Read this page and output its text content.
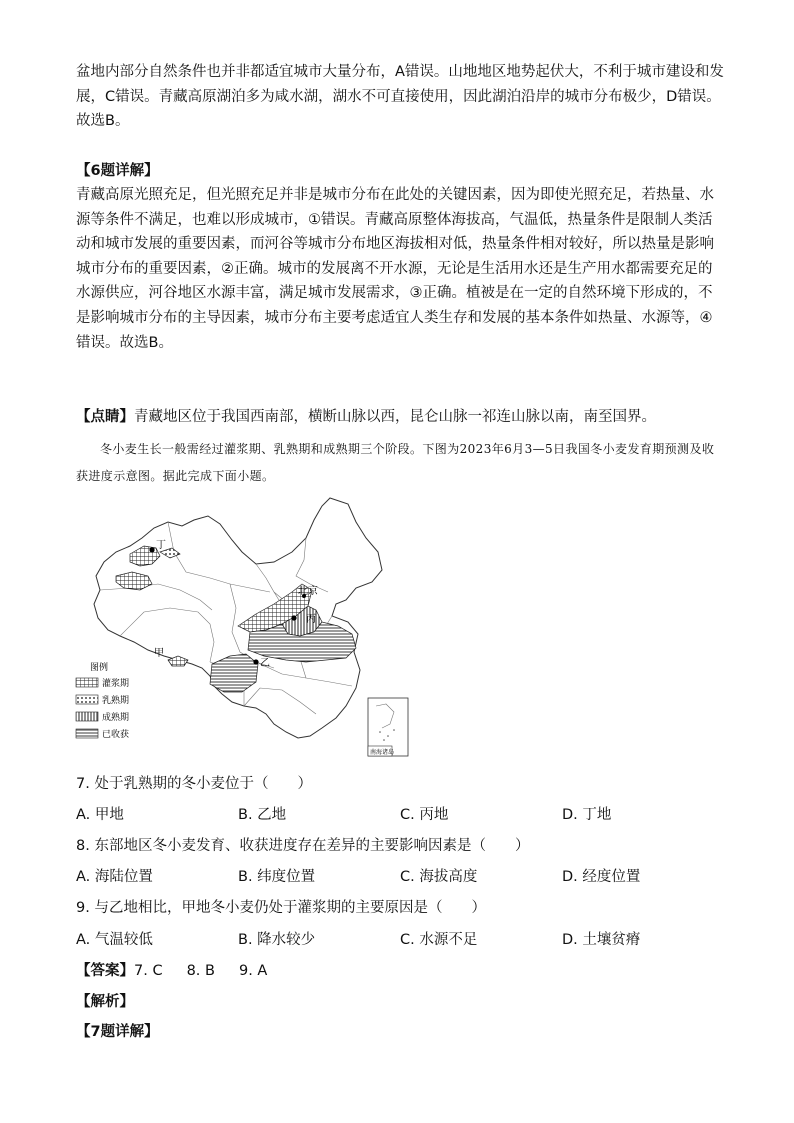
盆地内部分自然条件也并非都适宜城市大量分布，A错误。山地地区地势起伏大，不利于城市建设和发展，C错误。青藏高原湖泊多为咸水湖，湖水不可直接使用，因此湖泊沿岸的城市分布极少，D错误。故选B。
【6题详解】
青藏高原光照充足，但光照充足并非是城市分布在此处的关键因素，因为即使光照充足，若热量、水源等条件不满足，也难以形成城市，①错误。青藏高原整体海拔高，气温低，热量条件是限制人类活动和城市发展的重要因素，而河谷等城市分布地区海拔相对低，热量条件相对较好，所以热量是影响城市分布的重要因素，②正确。城市的发展离不开水源，无论是生活用水还是生产用水都需要充足的水源供应，河谷地区水源丰富，满足城市发展需求，③正确。植被是在一定的自然环境下形成的，不是影响城市分布的主导因素，城市分布主要考虑适宜人类生存和发展的基本条件如热量、水源等，④错误。故选B。
【点睛】青藏地区位于我国西南部，横断山脉以西，昆仑山脉一祁连山脉以南，南至国界。
冬小麦生长一般需经过灌浆期、乳熟期和成熟期三个阶段。下图为2023年6月3—5日我国冬小麦发育期预测及收获进度示意图。据此完成下面小题。
丁
北京
丙
甲
乙
图例
灌浆期
乳熟期
成熟期
已收获
南海诸岛
7. 处于乳熟期的冬小麦位于（　　）
A. 甲地	B. 乙地	C. 丙地	D. 丁地
8. 东部地区冬小麦发育、收获进度存在差异的主要影响因素是（　　）
A. 海陆位置	B. 纬度位置	C. 海拔高度	D. 经度位置
9. 与乙地相比，甲地冬小麦仍处于灌浆期的主要原因是（　　）
A. 气温较低	B. 降水较少	C. 水源不足	D. 土壤贫瘠
【答案】7. C 8. B 9. A
【解析】
【7题详解】
